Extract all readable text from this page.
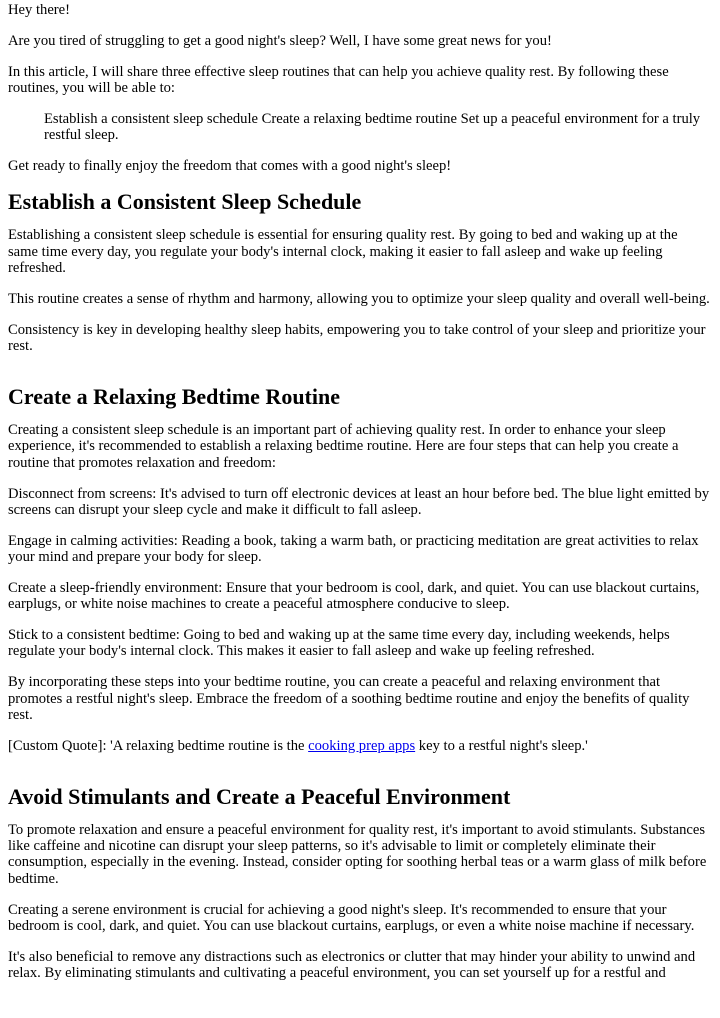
Hey there!

Are you tired of struggling to get a good night's sleep? Well, I have some great news for you!

In this article, I will share three effective sleep routines that can help you achieve quality rest. By following these routines, you will be able to:

Establish a consistent sleep schedule Create a relaxing bedtime routine Set up a peaceful environment for a truly restful sleep.

Get ready to finally enjoy the freedom that comes with a good night's sleep!

Establish a Consistent Sleep Schedule

Establishing a consistent sleep schedule is essential for ensuring quality rest. By going to bed and waking up at the same time every day, you regulate your body's internal clock, making it easier to fall asleep and wake up feeling refreshed.

This routine creates a sense of rhythm and harmony, allowing you to optimize your sleep quality and overall well-being.

Consistency is key in developing healthy sleep habits, empowering you to take control of your sleep and prioritize your rest.

Create a Relaxing Bedtime Routine

Creating a consistent sleep schedule is an important part of achieving quality rest. In order to enhance your sleep experience, it's recommended to establish a relaxing bedtime routine. Here are four steps that can help you create a routine that promotes relaxation and freedom:

Disconnect from screens: It's advised to turn off electronic devices at least an hour before bed. The blue light emitted by screens can disrupt your sleep cycle and make it difficult to fall asleep.

Engage in calming activities: Reading a book, taking a warm bath, or practicing meditation are great activities to relax your mind and prepare your body for sleep.

Create a sleep-friendly environment: Ensure that your bedroom is cool, dark, and quiet. You can use blackout curtains, earplugs, or white noise machines to create a peaceful atmosphere conducive to sleep.

Stick to a consistent bedtime: Going to bed and waking up at the same time every day, including weekends, helps regulate your body's internal clock. This makes it easier to fall asleep and wake up feeling refreshed.

By incorporating these steps into your bedtime routine, you can create a peaceful and relaxing environment that promotes a restful night's sleep. Embrace the freedom of a soothing bedtime routine and enjoy the benefits of quality rest.

[Custom Quote]: 'A relaxing bedtime routine is the cooking prep apps key to a restful night's sleep.'

Avoid Stimulants and Create a Peaceful Environment

To promote relaxation and ensure a peaceful environment for quality rest, it's important to avoid stimulants. Substances like caffeine and nicotine can disrupt your sleep patterns, so it's advisable to limit or completely eliminate their consumption, especially in the evening. Instead, consider opting for soothing herbal teas or a warm glass of milk before bedtime.

Creating a serene environment is crucial for achieving a good night's sleep. It's recommended to ensure that your bedroom is cool, dark, and quiet. You can use blackout curtains, earplugs, or even a white noise machine if necessary.

It's also beneficial to remove any distractions such as electronics or clutter that may hinder your ability to unwind and relax. By eliminating stimulants and cultivating a peaceful environment, you can set yourself up for a restful and
